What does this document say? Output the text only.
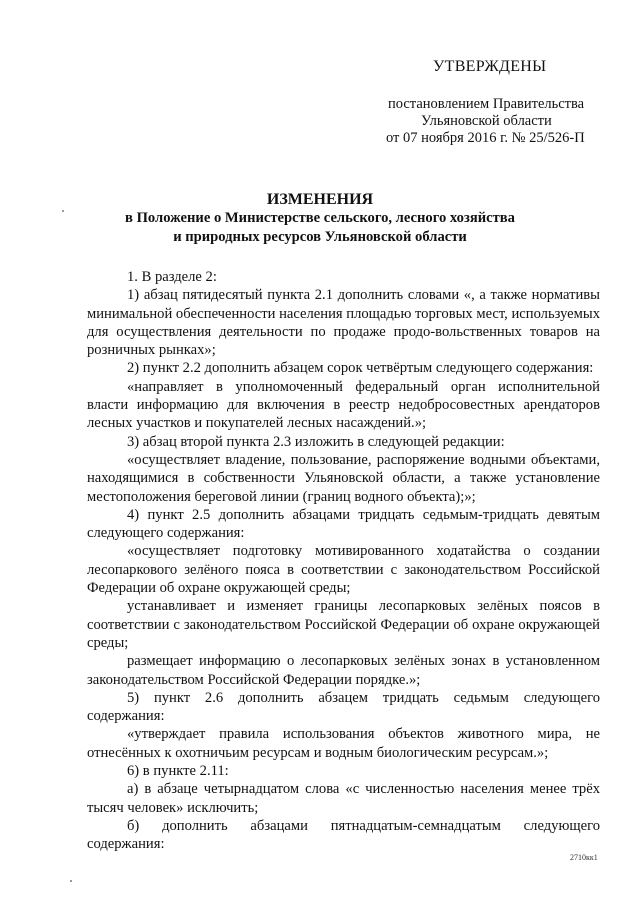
УТВЕРЖДЕНЫ
постановлением Правительства
Ульяновской области
от 07 ноября 2016 г. № 25/526-П
ИЗМЕНЕНИЯ
в Положение о Министерстве сельского, лесного хозяйства
и природных ресурсов Ульяновской области

1. В разделе 2:

1) абзац пятидесятый пункта 2.1 дополнить словами «, а также нормативы минимальной обеспеченности населения площадью торговых мест, используемых для осуществления деятельности по продаже продо-вольственных товаров на розничных рынках»;

2) пункт 2.2 дополнить абзацем сорок четвёртым следующего содержания:

«направляет в уполномоченный федеральный орган исполнительной власти информацию для включения в реестр недобросовестных арендаторов лесных участков и покупателей лесных насаждений.»;

3) абзац второй пункта 2.3 изложить в следующей редакции:

«осуществляет владение, пользование, распоряжение водными объектами, находящимися в собственности Ульяновской области, а также установление местоположения береговой линии (границ водного объекта);»;

4) пункт 2.5 дополнить абзацами тридцать седьмым-тридцать девятым следующего содержания:

«осуществляет подготовку мотивированного ходатайства о создании лесопаркового зелёного пояса в соответствии с законодательством Российской Федерации об охране окружающей среды;

устанавливает и изменяет границы лесопарковых зелёных поясов в соответствии с законодательством Российской Федерации об охране окружающей среды;

размещает информацию о лесопарковых зелёных зонах в установленном законодательством Российской Федерации порядке.»;

5) пункт 2.6 дополнить абзацем тридцать седьмым следующего содержания:

«утверждает правила использования объектов животного мира, не отнесённых к охотничьим ресурсам и водным биологическим ресурсам.»;

6) в пункте 2.11:

а) в абзаце четырнадцатом слова «с численностью населения менее трёх тысяч человек» исключить;

б) дополнить абзацами пятнадцатым-семнадцатым следующего содержания:

2710кк1
